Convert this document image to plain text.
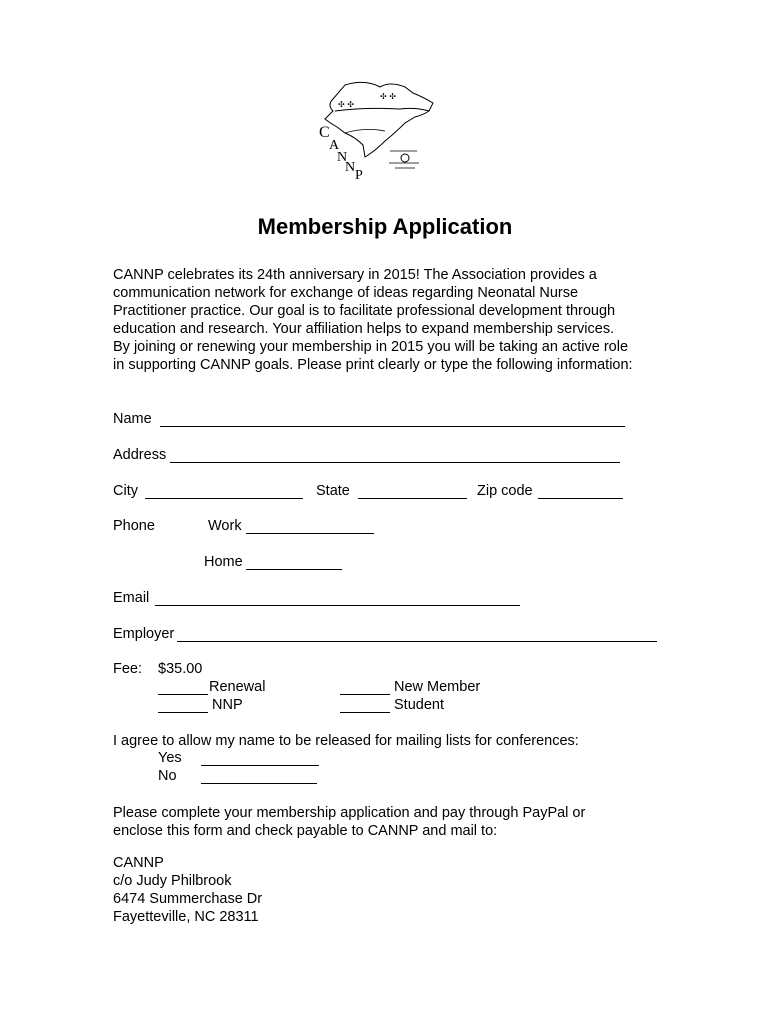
✣ ✣
✣ ✣
C
A
N
N
P
Membership Application
CANNP celebrates its 24th anniversary in 2015! The Association provides a
communication network for exchange of ideas regarding Neonatal Nurse
Practitioner practice. Our goal is to facilitate professional development through
education and research. Your affiliation helps to expand membership services.
By joining or renewing your membership in 2015 you will be taking an active role
in supporting CANNP goals. Please print clearly or type the following information:
Name
Address
City	State	Zip code
Phone	Work
Home
Email
Employer
Fee: $35.00
Renewal	New Member
NNP	Student
I agree to allow my name to be released for mailing lists for conferences:
Yes
No
Please complete your membership application and pay through PayPal or
enclose this form and check payable to CANNP and mail to:
CANNP
c/o Judy Philbrook
6474 Summerchase Dr
Fayetteville, NC 28311
